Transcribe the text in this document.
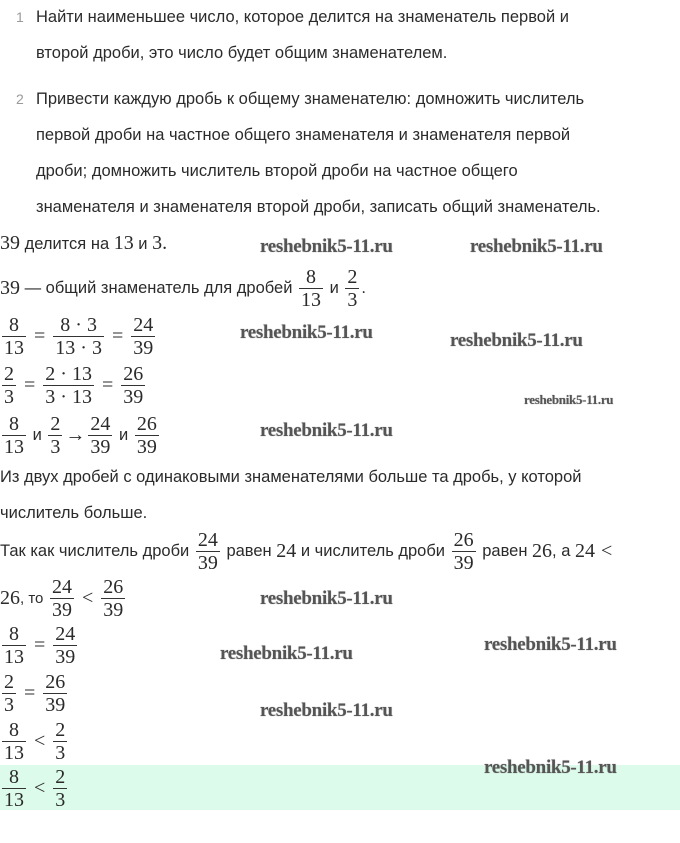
1 Найти наименьшее число, которое делится на знаменатель первой и
второй дроби, это число будет общим знаменателем.
2 Привести каждую дробь к общему знаменателю: домножить числитель
первой дроби на частное общего знаменателя и знаменателя первой
дроби; домножить числитель второй дроби на частное общего
знаменателя и знаменателя второй дроби, записать общий знаменатель.
39 делится на 13 и 3.
39 — общий знаменатель для дробей $\frac{8}{13}$ и $\frac{2}{3}$ .
$\frac{8}{13} = \frac{8 \cdot 3}{13 \cdot 3} = \frac{24}{39}$
$\frac{2}{3} = \frac{2 \cdot 13}{3 \cdot 13} = \frac{26}{39}$
$\frac{8}{13}$ и $\frac{2}{3} \to \frac{24}{39}$ и $\frac{26}{39}$
Из двух дробей с одинаковыми знаменателями больше та дробь, у которой
числитель больше.
Так как числитель дроби $\frac{24}{39}$ равен 24 и числитель дроби $\frac{26}{39}$ равен 26, а 24 <
26, то $\frac{24}{39} < \frac{26}{39}$
$\frac{8}{13} = \frac{24}{39}$
$\frac{2}{3} = \frac{26}{39}$
$\frac{8}{13} < \frac{2}{3}$
$\frac{8}{13} < \frac{2}{3}$
reshebnik5-11.ru	reshebnik5-11.ru
reshebnik5-11.ru	reshebnik5-11.ru
reshebnik5-11.ru
reshebnik5-11.ru
reshebnik5-11.ru
reshebnik5-11.ru
reshebnik5-11.ru	reshebnik5-11.ru
reshebnik5-11.ru
